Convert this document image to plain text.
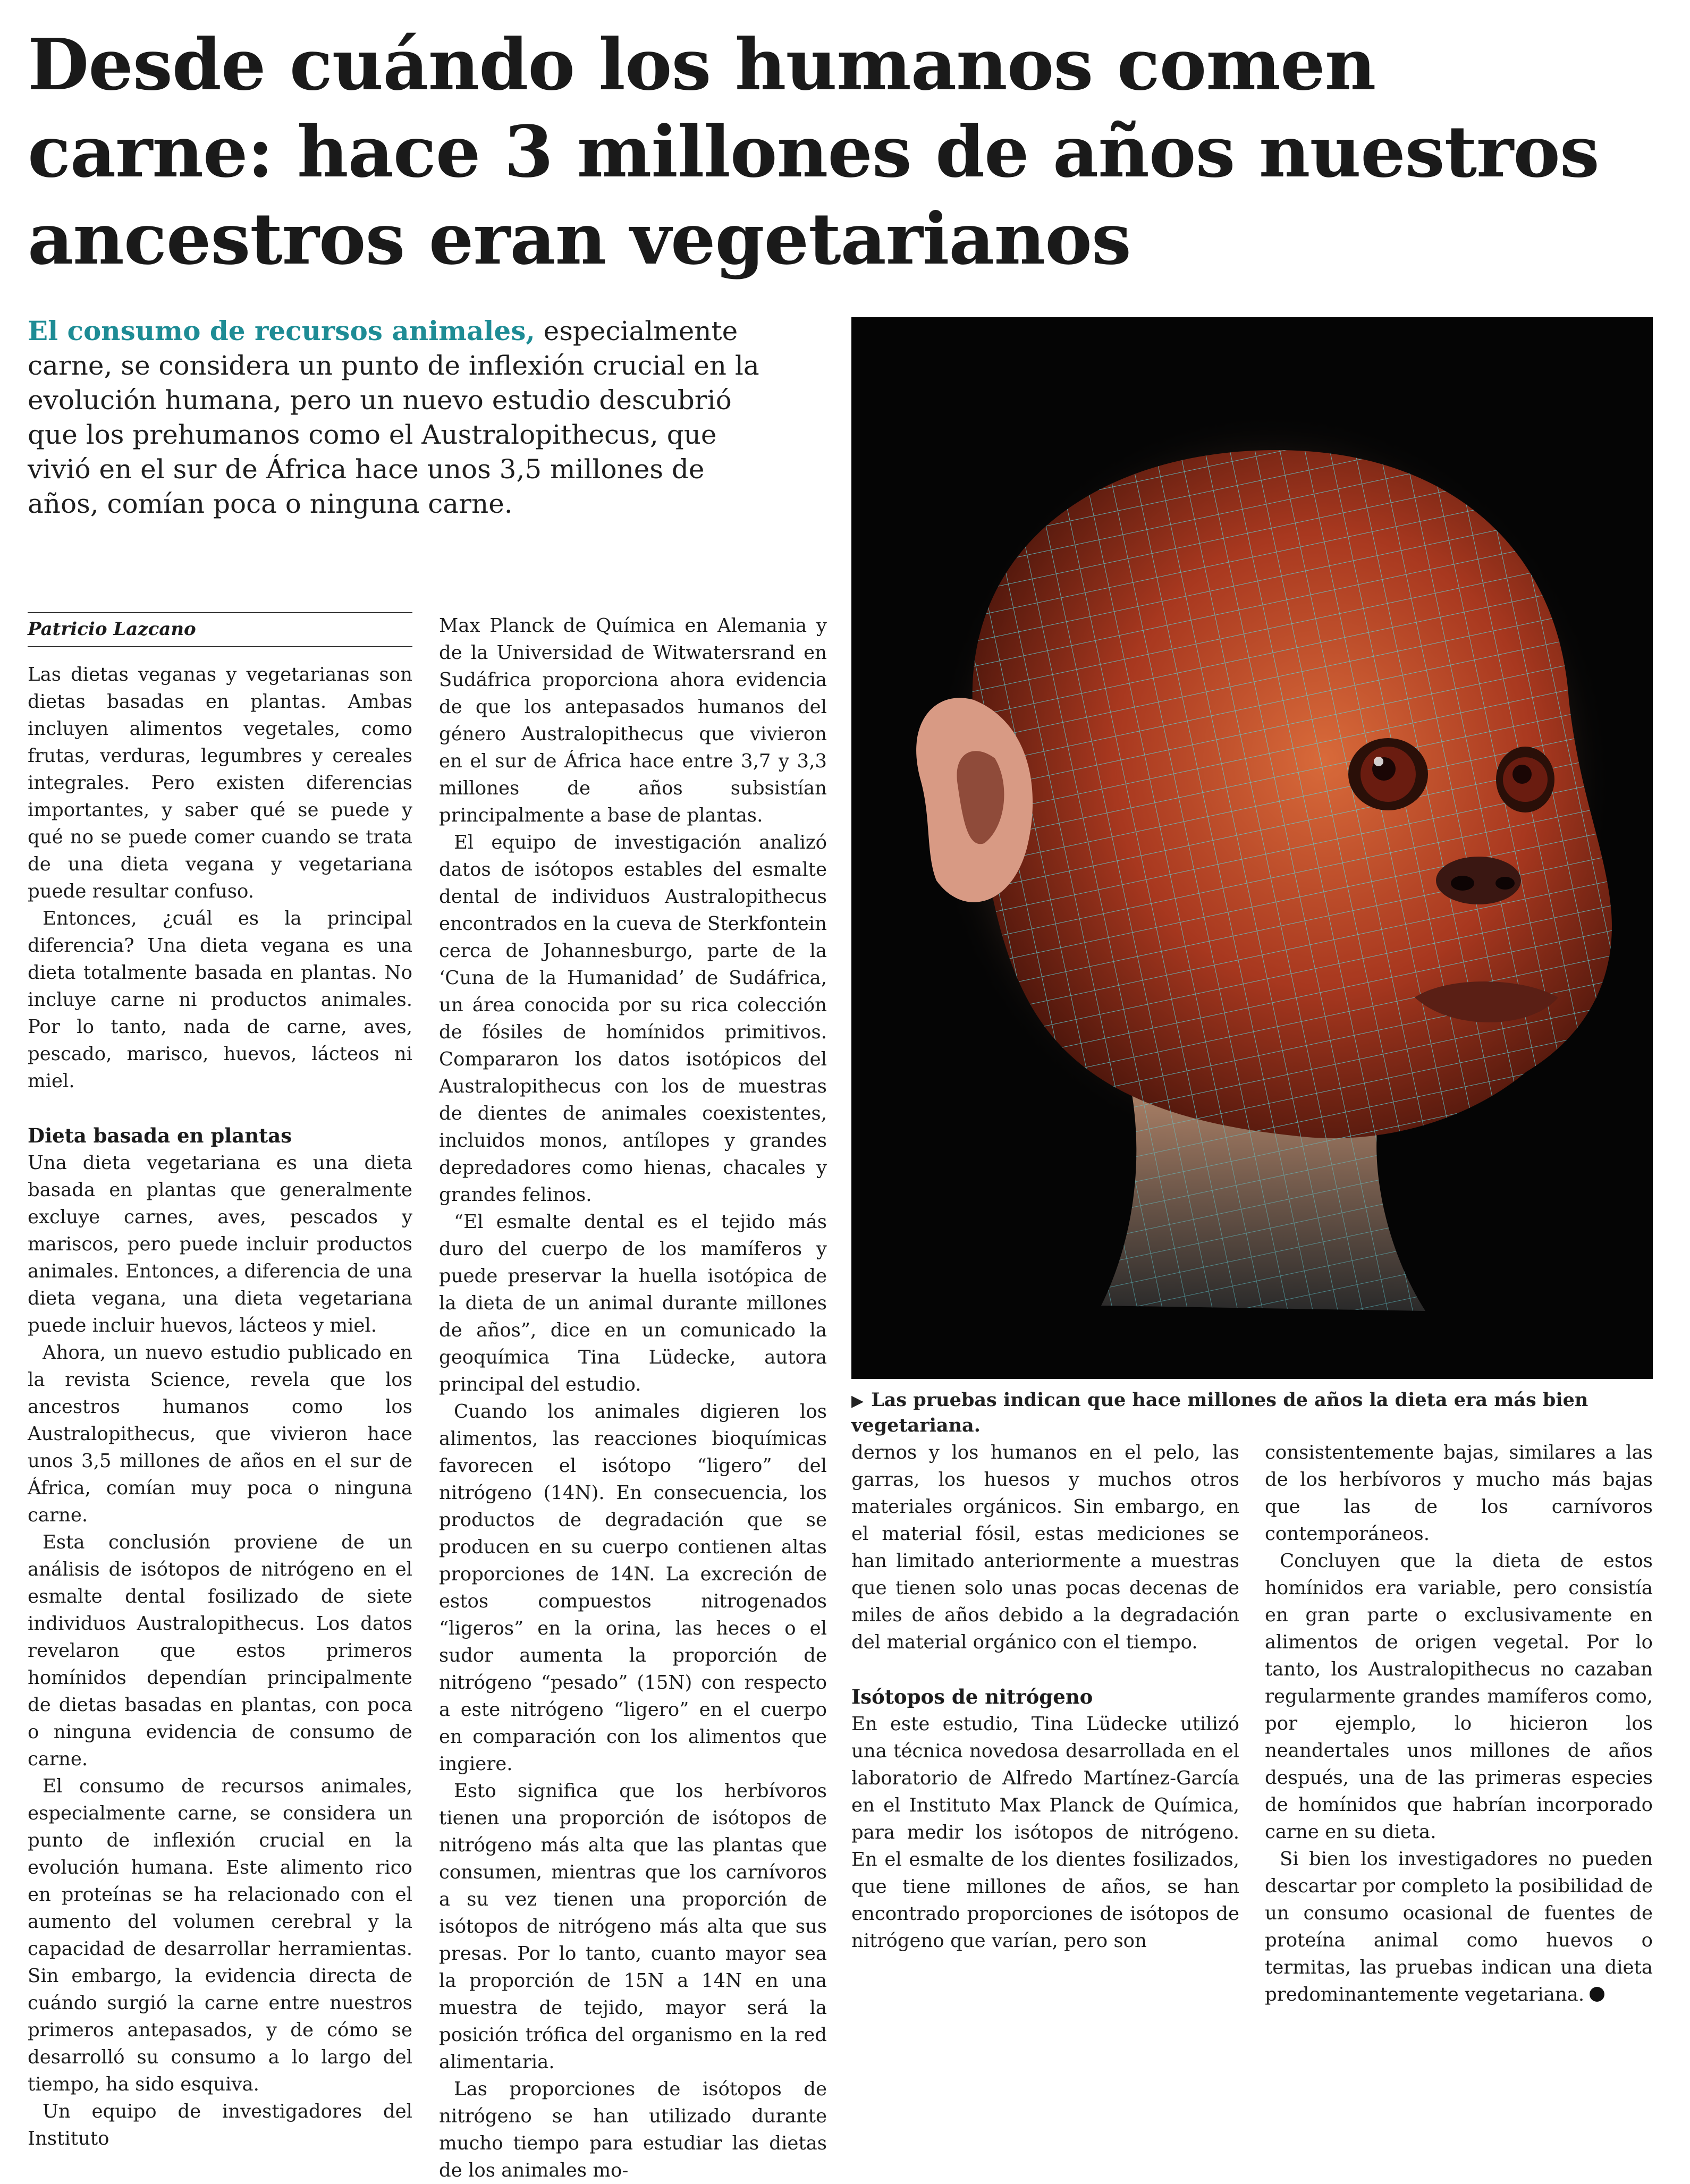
Desde cuándo los humanos comen carne: hace 3 millones de años nuestros ancestros eran vegetarianos

El consumo de recursos animales, especialmente carne, se considera un punto de inflexión crucial en la evolución humana, pero un nuevo estudio descubrió que los prehumanos como el Australopithecus, que vivió en el sur de África hace unos 3,5 millones de años, comían poca o ninguna carne.

▶ Las pruebas indican que hace millones de años la dieta era más bien vegetariana.

Patricio Lazcano

Las dietas veganas y vegetarianas son dietas basadas en plantas. Ambas incluyen alimentos vegetales, como frutas, verduras, legumbres y cereales integrales. Pero existen diferencias importantes, y saber qué se puede y qué no se puede comer cuando se trata de una dieta vegana y vegetariana puede resultar confuso.

Entonces, ¿cuál es la principal diferencia? Una dieta vegana es una dieta totalmente basada en plantas. No incluye carne ni productos animales. Por lo tanto, nada de carne, aves, pescado, marisco, huevos, lácteos ni miel.

Dieta basada en plantas

Una dieta vegetariana es una dieta basada en plantas que generalmente excluye carnes, aves, pescados y mariscos, pero puede incluir productos animales. Entonces, a diferencia de una dieta vegana, una dieta vegetariana puede incluir huevos, lácteos y miel.

Ahora, un nuevo estudio publicado en la revista Science, revela que los ancestros humanos como los Australopithecus, que vivieron hace unos 3,5 millones de años en el sur de África, comían muy poca o ninguna carne.

Esta conclusión proviene de un análisis de isótopos de nitrógeno en el esmalte dental fosilizado de siete individuos Australopithecus. Los datos revelaron que estos primeros homínidos dependían principalmente de dietas basadas en plantas, con poca o ninguna evidencia de consumo de carne.

El consumo de recursos animales, especialmente carne, se considera un punto de inflexión crucial en la evolución humana. Este alimento rico en proteínas se ha relacionado con el aumento del volumen cerebral y la capacidad de desarrollar herramientas. Sin embargo, la evidencia directa de cuándo surgió la carne entre nuestros primeros antepasados, y de cómo se desarrolló su consumo a lo largo del tiempo, ha sido esquiva.

Un equipo de investigadores del Instituto

Max Planck de Química en Alemania y de la Universidad de Witwatersrand en Sudáfrica proporciona ahora evidencia de que los antepasados humanos del género Australopithecus que vivieron en el sur de África hace entre 3,7 y 3,3 millones de años subsistían principalmente a base de plantas.

El equipo de investigación analizó datos de isótopos estables del esmalte dental de individuos Australopithecus encontrados en la cueva de Sterkfontein cerca de Johannesburgo, parte de la ‘Cuna de la Humanidad’ de Sudáfrica, un área conocida por su rica colección de fósiles de homínidos primitivos. Compararon los datos isotópicos del Australopithecus con los de muestras de dientes de animales coexistentes, incluidos monos, antílopes y grandes depredadores como hienas, chacales y grandes felinos.

“El esmalte dental es el tejido más duro del cuerpo de los mamíferos y puede preservar la huella isotópica de la dieta de un animal durante millones de años”, dice en un comunicado la geoquímica Tina Lüdecke, autora principal del estudio.

Cuando los animales digieren los alimentos, las reacciones bioquímicas favorecen el isótopo “ligero” del nitrógeno (14N). En consecuencia, los productos de degradación que se producen en su cuerpo contienen altas proporciones de 14N. La excreción de estos compuestos nitrogenados “ligeros” en la orina, las heces o el sudor aumenta la proporción de nitrógeno “pesado” (15N) con respecto a este nitrógeno “ligero” en el cuerpo en comparación con los alimentos que ingiere.

Esto significa que los herbívoros tienen una proporción de isótopos de nitrógeno más alta que las plantas que consumen, mientras que los carnívoros a su vez tienen una proporción de isótopos de nitrógeno más alta que sus presas. Por lo tanto, cuanto mayor sea la proporción de 15N a 14N en una muestra de tejido, mayor será la posición trófica del organismo en la red alimentaria.

Las proporciones de isótopos de nitrógeno se han utilizado durante mucho tiempo para estudiar las dietas de los animales mo-

dernos y los humanos en el pelo, las garras, los huesos y muchos otros materiales orgánicos. Sin embargo, en el material fósil, estas mediciones se han limitado anteriormente a muestras que tienen solo unas pocas decenas de miles de años debido a la degradación del material orgánico con el tiempo.

Isótopos de nitrógeno

En este estudio, Tina Lüdecke utilizó una técnica novedosa desarrollada en el laboratorio de Alfredo Martínez-García en el Instituto Max Planck de Química, para medir los isótopos de nitrógeno. En el esmalte de los dientes fosilizados, que tiene millones de años, se han encontrado proporciones de isótopos de nitrógeno que varían, pero son

consistentemente bajas, similares a las de los herbívoros y mucho más bajas que las de los carnívoros contemporáneos.

Concluyen que la dieta de estos homínidos era variable, pero consistía en gran parte o exclusivamente en alimentos de origen vegetal. Por lo tanto, los Australopithecus no cazaban regularmente grandes mamíferos como, por ejemplo, lo hicieron los neandertales unos millones de años después, una de las primeras especies de homínidos que habrían incorporado carne en su dieta.

Si bien los investigadores no pueden descartar por completo la posibilidad de un consumo ocasional de fuentes de proteína animal como huevos o termitas, las pruebas indican una dieta predominantemente vegetariana.
